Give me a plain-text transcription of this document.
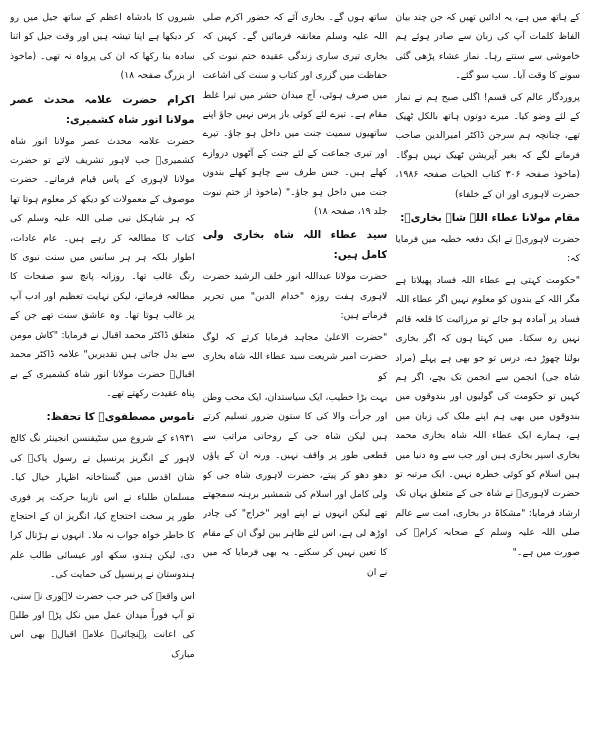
کے ہاتھ میں ہے، یہ ادائیں تھیں کہ جن چند بیان الفاظ کلمات آپ کی زبان سے صادر ہوئے ہم خاموشی سے سنتے رہا۔ نماز عشاء پڑھی گئی سونے کا وقت آیا۔ سب سو گئے۔

پروردگار عالم کی قسم! اگلی صبح ہم نے نماز کے لئے وضو کیا۔ میرے دونوں ہاتھ بالکل ٹھیک تھے، چنانچہ ہم سرجن ڈاکٹر امیرالدین صاحب فرمانے لگے کہ بغیر آپریشن ٹھیک نہیں ہوگا۔ (ماخوذ صفحہ ۳۰۶ کتاب الحیات صفحہ ۱۹۸۶، حضرت لاہوری اور ان کے خلفاء)

مقام مولانا عطاء اللہ شاہ بخاریؒ:

حضرت لاہوریؒ نے ایک دفعہ خطبہ میں فرمایا کہ:

"حکومت کہتی ہے عطاء اللہ فساد پھیلاتا ہے مگر اللہ کے بندوں کو معلوم نہیں اگر عطاء اللہ فساد پر آمادہ ہو جائے تو مرزائیت کا قلعہ قائم نہیں رہ سکتا۔ میں کہتا ہوں کہ اگر بخاری بولنا چھوڑ دے، درس تو جو بھی ہے پہلے (مراد شاہ جی) انجمن سے انجمن تک بچے، اگر ہم کہیں تو حکومت کی گولیوں اور بندوقوں میں بندوقوں میں بھی ہم اپنے ملک کی زبان میں ہے، ہمارے ایک عطاء اللہ شاہ بخاری محمد بخاری اسپر بخاری ہیں اور جب سے وہ دنیا میں ہیں اسلام کو کوئی خطرہ نہیں۔ ایک مرتبہ تو حضرت لاہوریؒ نے شاہ جی کے متعلق یہاں تک ارشاد فرمایا: "مشکاۃ در بخاری، امت سے عالم صلی اللہ علیہ وسلم کے صحابہ کرامؓ کی صورت میں ہے۔"

ساتھ ہوں گے۔ بخاری آئے کہ حضور اکرم صلی اللہ علیہ وسلم معانقہ فرمائیں گے۔ کہیں کہ بخاری تیری ساری زندگی عقیدہ ختم نبوت کی حفاظت میں گزری اور کتاب و سنت کی اشاعت میں صرف ہوئی، آج میدان حشر میں تیرا غلط مقام ہے۔ تیرے لئے کوئی باز پرس نہیں جاؤ اپنے ساتھیوں سمیت جنت میں داخل ہو جاؤ۔ تیرے اور تیری جماعت کے لئے جنت کے آٹھوں دروازے کھلے ہیں۔ جس طرف سے چاہو کھلے بندوں جنت میں داخل ہو جاؤ۔" (ماخوذ از ختم نبوت جلد ۱۹، صفحہ ۱۸)

سید عطاء اللہ شاہ بخاری ولی کامل ہیں:

حضرت مولانا عبداللہ انور خلف الرشید حضرت لاہوری ہفت روزہ "خدام الدین" میں تحریر فرماتے ہیں:

"حضرت الاعلیٰ مجاہد فرمایا کرتے کہ لوگ حضرت امیر شریعت سید عطاء اللہ شاہ بخاری کو

بہت بڑا خطیب، ایک سیاستدان، ایک محب وطن اور جرأت والا کی کا ستون ضرور تسلیم کرتے ہیں لیکن شاہ جی کے روحانی مراتب سے قطعی طور پر واقف نہیں۔ ورنہ ان کے پاؤں دھو دھو کر پیتے، حضرت لاہوری شاہ جی کو ولی کامل اور اسلام کی شمشیر برہنہ سمجھتے تھے لیکن انہوں نے اپنے اوپر "خراج" کی چادر اوڑھ لی ہے، اس لئے ظاہر بین لوگ ان کے مقام کا تعین نہیں کر سکتے۔ یہ بھی فرمایا کہ میں نے ان

شیروں کا بادشاہ اعظم کے ساتھ جیل میں رو کر دیکھا ہے اپنا تیشہ ہیں اور وقت جیل کو اتنا سادہ بنا رکھا کہ ان کی پرواہ نہ تھی۔ (ماخوذ از بزرگ صفحہ ۱۸)

اکرام حضرت علامہ محدث عصر مولانا انور شاہ کشمیری:

حضرت علامہ محدث عصر مولانا انور شاہ کشمیریؒ جب لاہور تشریف لاتے تو حضرت مولانا لاہوری کے پاس قیام فرماتے۔ حضرت موصوف کے معمولات کو دیکھ کر معلوم ہوتا تھا کہ ہر شاہکل نبی صلی اللہ علیہ وسلم کی کتاب کا مطالعہ کر رہے ہیں۔ عام عادات، اطوار بلکہ ہر ہر سانس میں سنت نبوی کا رنگ غالب تھا۔ روزانہ پانچ سو صفحات کا مطالعہ فرماتے، لیکن نہایت تعظیم اور ادب آپ پر غالب ہوتا تھا۔ وہ عاشق سنت تھے جن کے متعلق ڈاکٹر محمد اقبال نے فرمایا: "کاش مومن سے بدل جاتی ہیں تقدیریں" علامہ ڈاکٹر محمد اقبالؒ حضرت مولانا انور شاہ کشمیری کے بے پناہ عقیدت رکھتے تھے۔

ناموس مصطفویؐ کا تحفظ:

۱۹۳۱ء کے شروع میں سٹیفنسن انجینئر نگ کالج لاہور کے انگریز پرنسپل نے رسول پاکؐ کی شان اقدس میں گستاخانہ اظہار خیال کیا۔ مسلمان طلباء نے اس نازیبا حرکت پر فوری طور پر سخت احتجاج کیا، انگریز ان کے احتجاج کا خاطر خواہ جواب نہ ملا۔ انہوں نے ہڑتال کرا دی، لیکن ہندو، سکھ اور عیسائی طالب علم ہندوستان نے پرنسپل کی حمایت کی۔

اس واقعہ کی خبر جب حضرت لاہوری نے سنی، تو آپ فوراً میدان عمل میں نکل پڑے اور طلبہ کی اعانت پہنچائی۔ علامہ اقبالؒ بھی اس مبارک
